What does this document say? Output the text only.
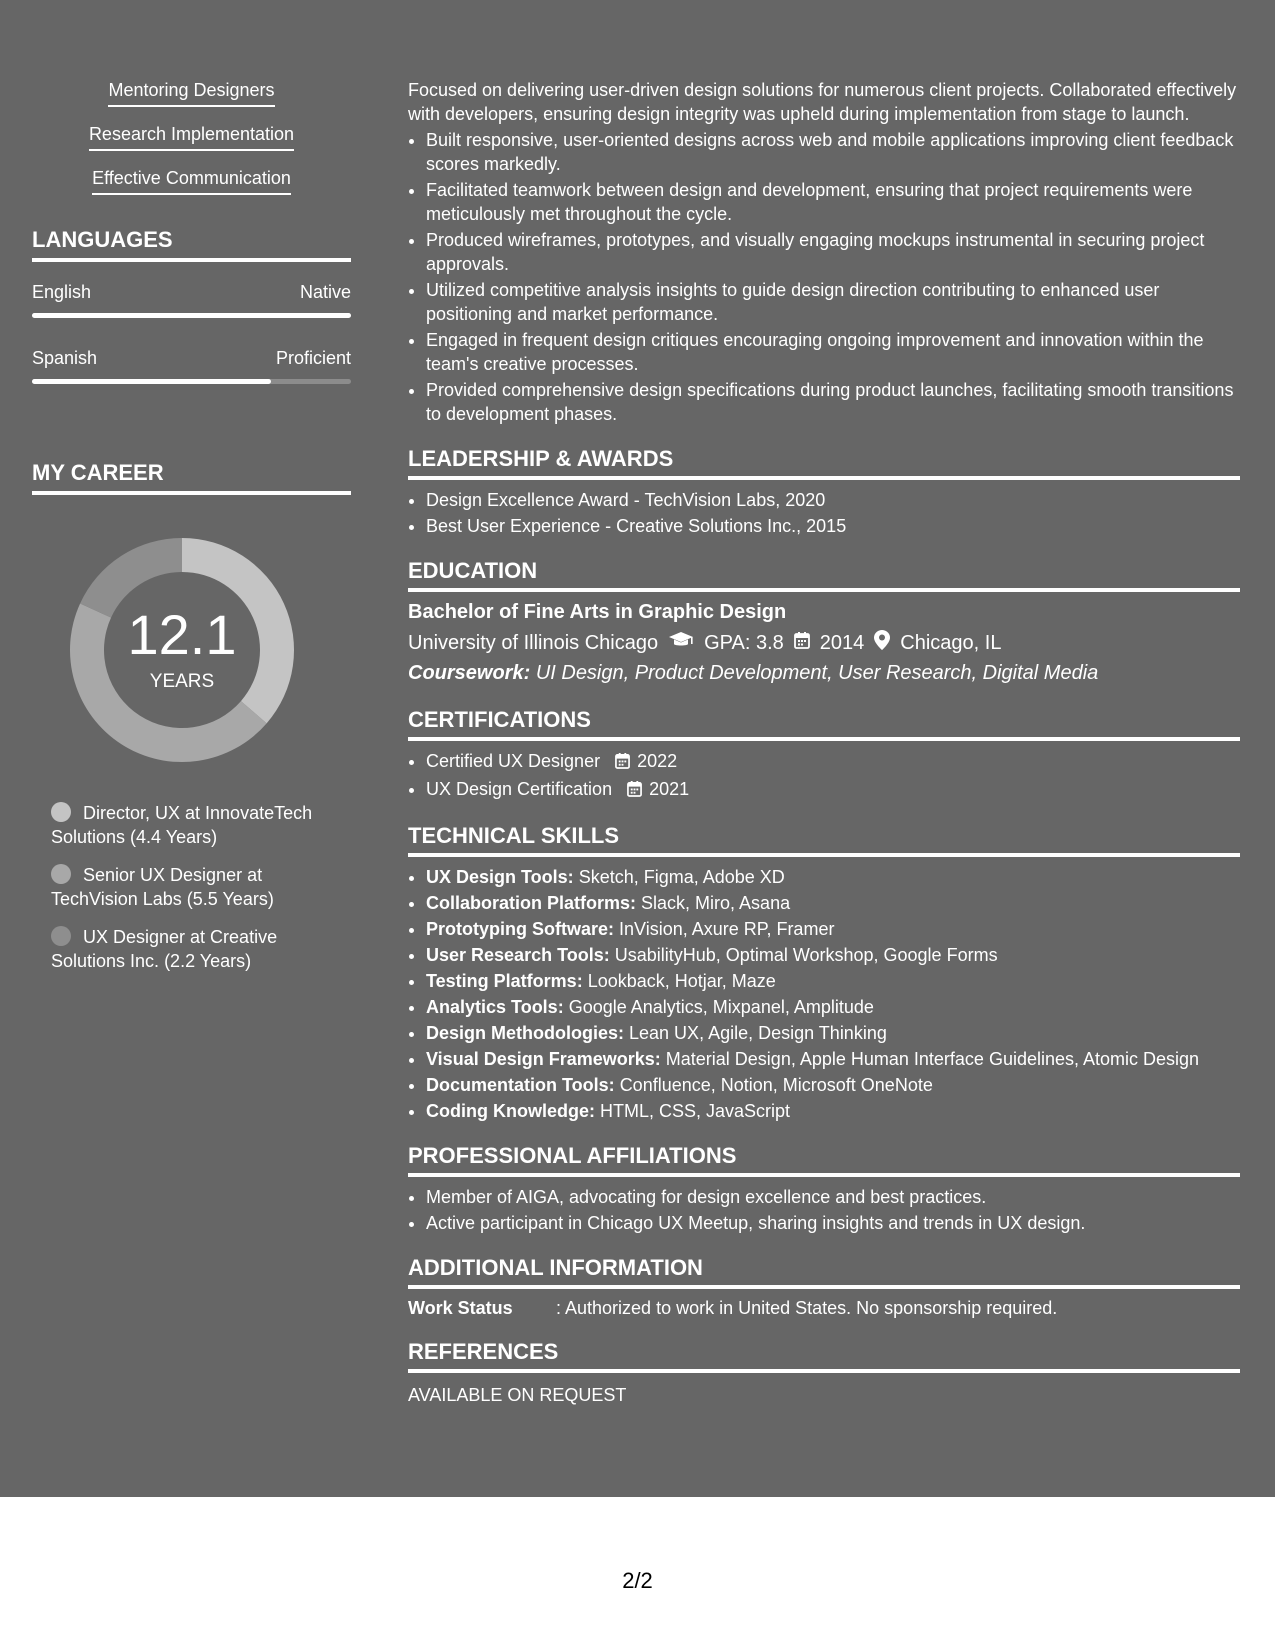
Mentoring Designers
Research Implementation
Effective Communication
LANGUAGES
English	Native
Spanish	Proficient
MY CAREER
12.1
YEARS
Director, UX at InnovateTech Solutions (4.4 Years)
Senior UX Designer at TechVision Labs (5.5 Years)
UX Designer at Creative Solutions Inc. (2.2 Years)

Focused on delivering user-driven design solutions for numerous client projects. Collaborated effectively with developers, ensuring design integrity was upheld during implementation from stage to launch.

• Built responsive, user-oriented designs across web and mobile applications improving client feedback scores markedly.
• Facilitated teamwork between design and development, ensuring that project requirements were meticulously met throughout the cycle.
• Produced wireframes, prototypes, and visually engaging mockups instrumental in securing project approvals.
• Utilized competitive analysis insights to guide design direction contributing to enhanced user positioning and market performance.
• Engaged in frequent design critiques encouraging ongoing improvement and innovation within the team's creative processes.
• Provided comprehensive design specifications during product launches, facilitating smooth transitions to development phases.
LEADERSHIP & AWARDS
• Design Excellence Award - TechVision Labs, 2020
• Best User Experience - Creative Solutions Inc., 2015
EDUCATION
Bachelor of Fine Arts in Graphic Design
University of Illinois Chicago GPA: 3.8 2014 Chicago, IL
Coursework: UI Design, Product Development, User Research, Digital Media
CERTIFICATIONS
• Certified UX Designer 2022
• UX Design Certification 2021
TECHNICAL SKILLS
• UX Design Tools: Sketch, Figma, Adobe XD
• Collaboration Platforms: Slack, Miro, Asana
• Prototyping Software: InVision, Axure RP, Framer
• User Research Tools: UsabilityHub, Optimal Workshop, Google Forms
• Testing Platforms: Lookback, Hotjar, Maze
• Analytics Tools: Google Analytics, Mixpanel, Amplitude
• Design Methodologies: Lean UX, Agile, Design Thinking
• Visual Design Frameworks: Material Design, Apple Human Interface Guidelines, Atomic Design
• Documentation Tools: Confluence, Notion, Microsoft OneNote
• Coding Knowledge: HTML, CSS, JavaScript
PROFESSIONAL AFFILIATIONS
• Member of AIGA, advocating for design excellence and best practices.
• Active participant in Chicago UX Meetup, sharing insights and trends in UX design.
ADDITIONAL INFORMATION
Work Status	: Authorized to work in United States. No sponsorship required.
REFERENCES
AVAILABLE ON REQUEST
2/2
